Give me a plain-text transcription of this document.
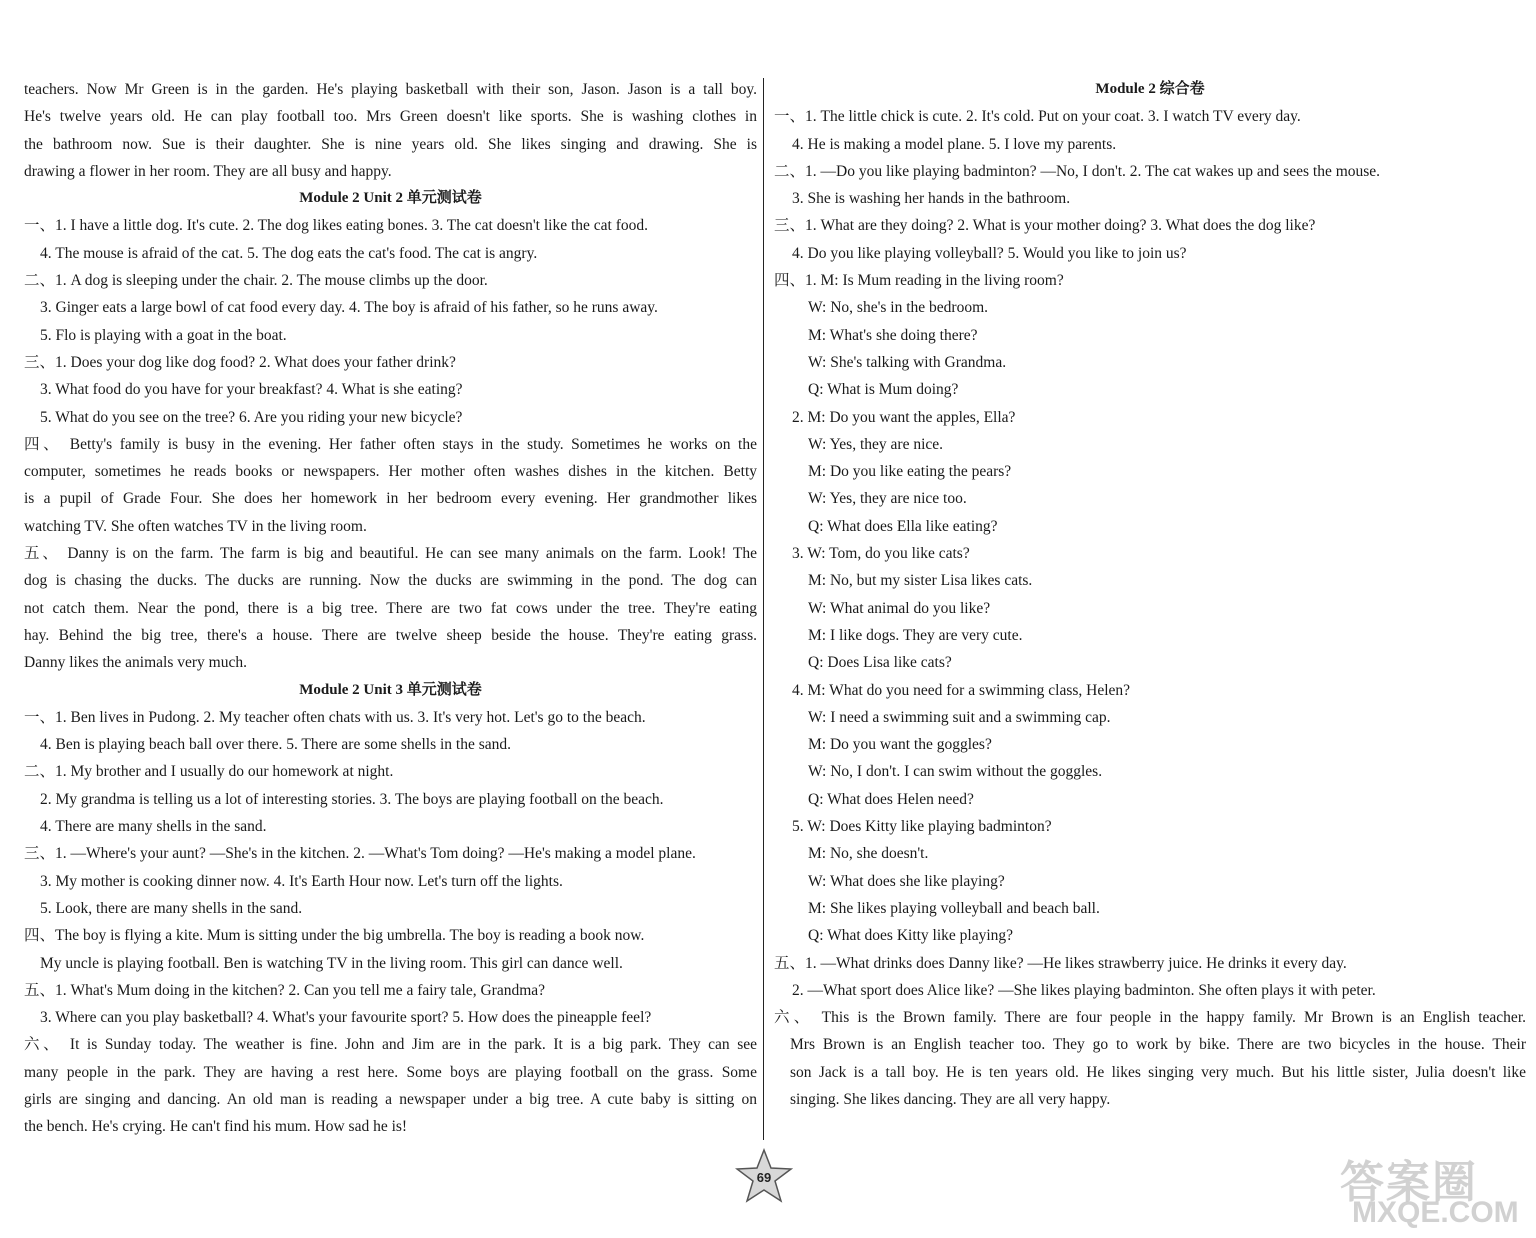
teachers. Now Mr Green is in the garden. He's playing basketball with their son, Jason. Jason is a tall boy.
He's twelve years old. He can play football too. Mrs Green doesn't like sports. She is washing clothes in
the bathroom now. Sue is their daughter. She is nine years old. She likes singing and drawing. She is
drawing a flower in her room. They are all busy and happy.
Module 2 Unit 2 单元测试卷
一、1. I have a little dog. It's cute. 2. The dog likes eating bones. 3. The cat doesn't like the cat food.
4. The mouse is afraid of the cat. 5. The dog eats the cat's food. The cat is angry.
二、1. A dog is sleeping under the chair. 2. The mouse climbs up the door.
3. Ginger eats a large bowl of cat food every day. 4. The boy is afraid of his father, so he runs away.
5. Flo is playing with a goat in the boat.
三、1. Does your dog like dog food? 2. What does your father drink?
3. What food do you have for your breakfast? 4. What is she eating?
5. What do you see on the tree? 6. Are you riding your new bicycle?
四、 Betty's family is busy in the evening. Her father often stays in the study. Sometimes he works on the
computer, sometimes he reads books or newspapers. Her mother often washes dishes in the kitchen. Betty
is a pupil of Grade Four. She does her homework in her bedroom every evening. Her grandmother likes
watching TV. She often watches TV in the living room.
五、 Danny is on the farm. The farm is big and beautiful. He can see many animals on the farm. Look! The
dog is chasing the ducks. The ducks are running. Now the ducks are swimming in the pond. The dog can
not catch them. Near the pond, there is a big tree. There are two fat cows under the tree. They're eating
hay. Behind the big tree, there's a house. There are twelve sheep beside the house. They're eating grass.
Danny likes the animals very much.
Module 2 Unit 3 单元测试卷
一、1. Ben lives in Pudong. 2. My teacher often chats with us. 3. It's very hot. Let's go to the beach.
4. Ben is playing beach ball over there. 5. There are some shells in the sand.
二、1. My brother and I usually do our homework at night.
2. My grandma is telling us a lot of interesting stories. 3. The boys are playing football on the beach.
4. There are many shells in the sand.
三、1. —Where's your aunt? —She's in the kitchen. 2. —What's Tom doing? —He's making a model plane.
3. My mother is cooking dinner now. 4. It's Earth Hour now. Let's turn off the lights.
5. Look, there are many shells in the sand.
四、The boy is flying a kite. Mum is sitting under the big umbrella. The boy is reading a book now.
My uncle is playing football. Ben is watching TV in the living room. This girl can dance well.
五、1. What's Mum doing in the kitchen? 2. Can you tell me a fairy tale, Grandma?
3. Where can you play basketball? 4. What's your favourite sport? 5. How does the pineapple feel?
六、 It is Sunday today. The weather is fine. John and Jim are in the park. It is a big park. They can see
many people in the park. They are having a rest here. Some boys are playing football on the grass. Some
girls are singing and dancing. An old man is reading a newspaper under a big tree. A cute baby is sitting on
the bench. He's crying. He can't find his mum. How sad he is!
Module 2 综合卷
一、1. The little chick is cute. 2. It's cold. Put on your coat. 3. I watch TV every day.
4. He is making a model plane. 5. I love my parents.
二、1. —Do you like playing badminton? —No, I don't. 2. The cat wakes up and sees the mouse.
3. She is washing her hands in the bathroom.
三、1. What are they doing? 2. What is your mother doing? 3. What does the dog like?
4. Do you like playing volleyball? 5. Would you like to join us?
四、1. M: Is Mum reading in the living room?
W: No, she's in the bedroom.
M: What's she doing there?
W: She's talking with Grandma.
Q: What is Mum doing?
2. M: Do you want the apples, Ella?
W: Yes, they are nice.
M: Do you like eating the pears?
W: Yes, they are nice too.
Q: What does Ella like eating?
3. W: Tom, do you like cats?
M: No, but my sister Lisa likes cats.
W: What animal do you like?
M: I like dogs. They are very cute.
Q: Does Lisa like cats?
4. M: What do you need for a swimming class, Helen?
W: I need a swimming suit and a swimming cap.
M: Do you want the goggles?
W: No, I don't. I can swim without the goggles.
Q: What does Helen need?
5. W: Does Kitty like playing badminton?
M: No, she doesn't.
W: What does she like playing?
M: She likes playing volleyball and beach ball.
Q: What does Kitty like playing?
五、1. —What drinks does Danny like? —He likes strawberry juice. He drinks it every day.
2. —What sport does Alice like? —She likes playing badminton. She often plays it with peter.
六、 This is the Brown family. There are four people in the happy family. Mr Brown is an English teacher.
Mrs Brown is an English teacher too. They go to work by bike. There are two bicycles in the house. Their
son Jack is a tall boy. He is ten years old. He likes singing very much. But his little sister, Julia doesn't like
singing. She likes dancing. They are all very happy.
69	答案圈
MXQE.COM
